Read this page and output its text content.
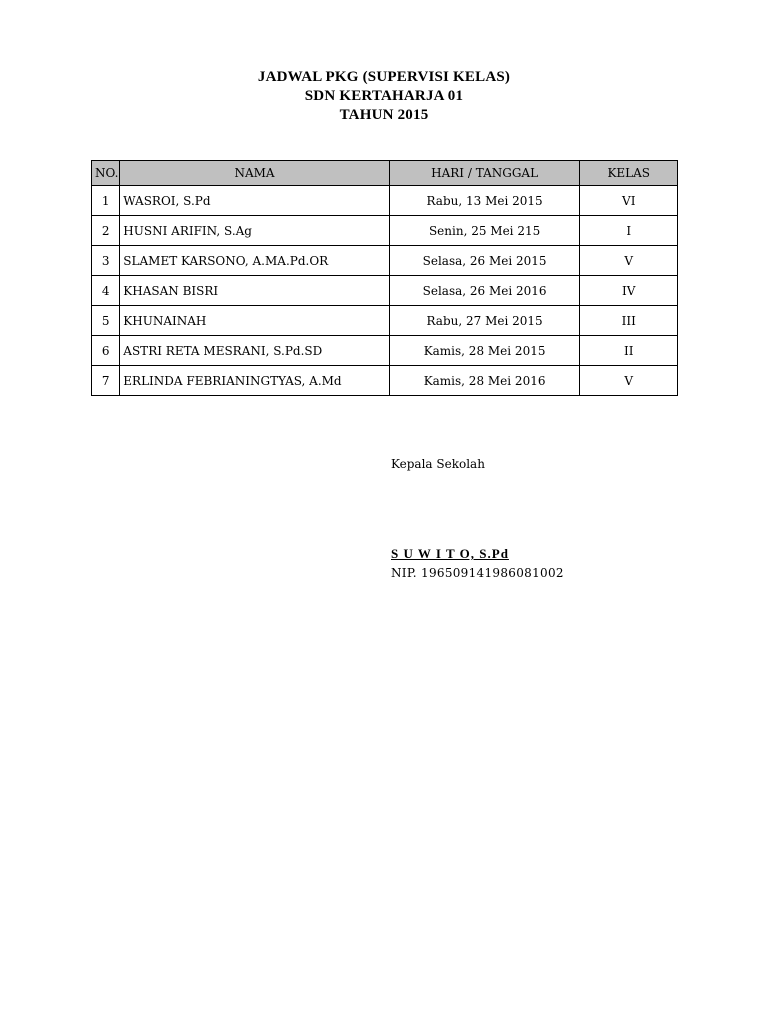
JADWAL PKG (SUPERVISI KELAS)
SDN KERTAHARJA 01
TAHUN 2015
NO.	NAMA	HARI / TANGGAL	KELAS
1	WASROI, S.Pd	Rabu, 13 Mei 2015	VI
2	HUSNI ARIFIN, S.Ag	Senin, 25 Mei 215	I
3	SLAMET KARSONO, A.MA.Pd.OR	Selasa, 26 Mei 2015	V
4	KHASAN BISRI	Selasa, 26 Mei 2016	IV
5	KHUNAINAH	Rabu, 27 Mei 2015	III
6	ASTRI RETA MESRANI, S.Pd.SD	Kamis, 28 Mei 2015	II
7	ERLINDA FEBRIANINGTYAS, A.Md	Kamis, 28 Mei 2016	V
Kepala Sekolah
S U W I T O, S.Pd
NIP. 196509141986081002
